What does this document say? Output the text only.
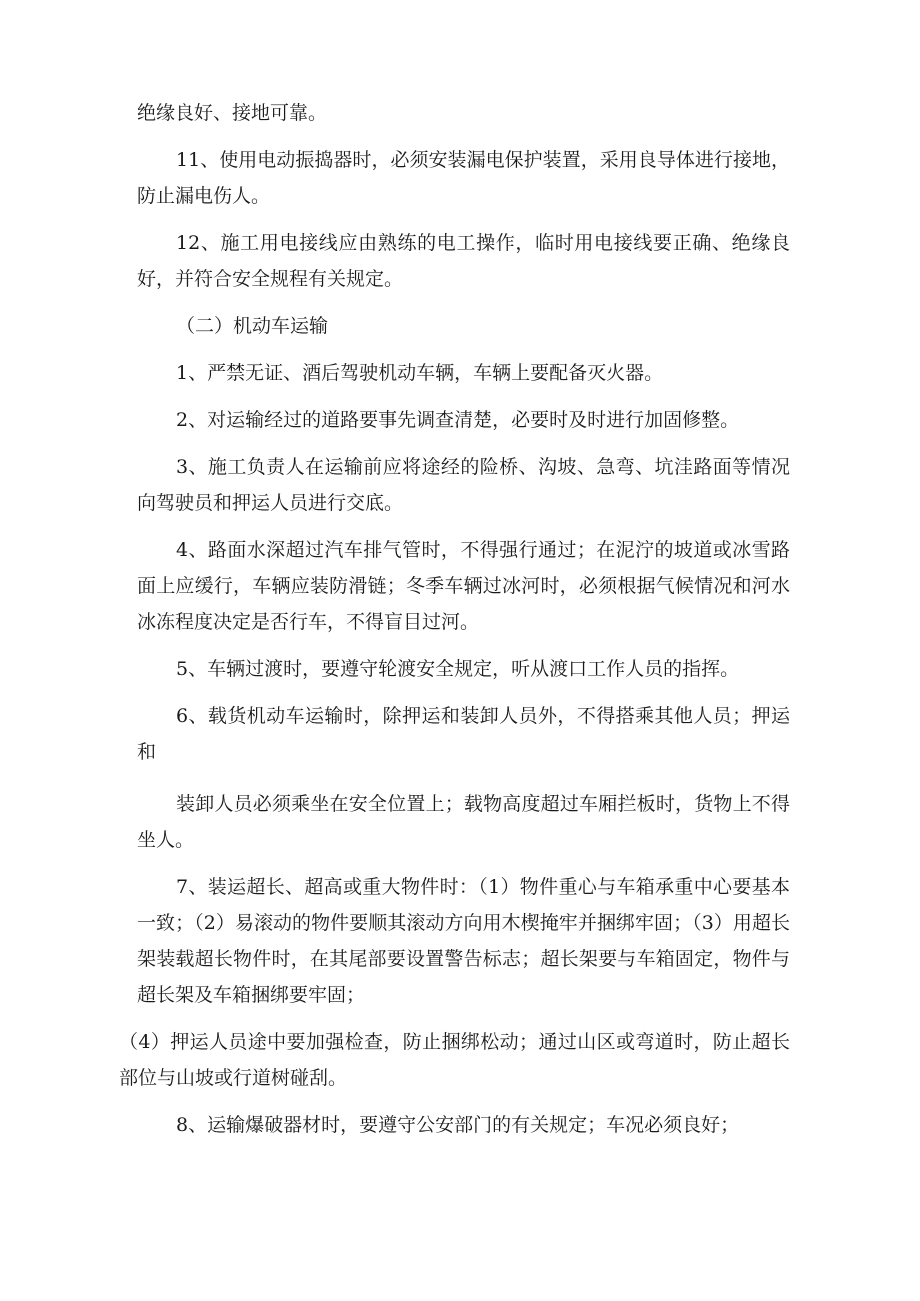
绝缘良好、接地可靠。

11、使用电动振捣器时，必须安装漏电保护装置，采用良导体进行接地，防止漏电伤人。

12、施工用电接线应由熟练的电工操作，临时用电接线要正确、绝缘良好，并符合安全规程有关规定。

（二）机动车运输

1、严禁无证、酒后驾驶机动车辆，车辆上要配备灭火器。

2、对运输经过的道路要事先调查清楚，必要时及时进行加固修整。

3、施工负责人在运输前应将途经的险桥、沟坡、急弯、坑洼路面等情况向驾驶员和押运人员进行交底。

4、路面水深超过汽车排气管时，不得强行通过；在泥泞的坡道或冰雪路面上应缓行，车辆应装防滑链；冬季车辆过冰河时，必须根据气候情况和河水冰冻程度决定是否行车，不得盲目过河。

5、车辆过渡时，要遵守轮渡安全规定，听从渡口工作人员的指挥。

6、载货机动车运输时，除押运和装卸人员外，不得搭乘其他人员；押运和

装卸人员必须乘坐在安全位置上；载物高度超过车厢拦板时，货物上不得坐人。

7、装运超长、超高或重大物件时：（1）物件重心与车箱承重中心要基本一致；（2）易滚动的物件要顺其滚动方向用木楔掩牢并捆绑牢固；（3）用超长架装载超长物件时，在其尾部要设置警告标志；超长架要与车箱固定，物件与超长架及车箱捆绑要牢固；

（4）押运人员途中要加强检查，防止捆绑松动；通过山区或弯道时，防止超长部位与山坡或行道树碰刮。

8、运输爆破器材时，要遵守公安部门的有关规定；车况必须良好；
